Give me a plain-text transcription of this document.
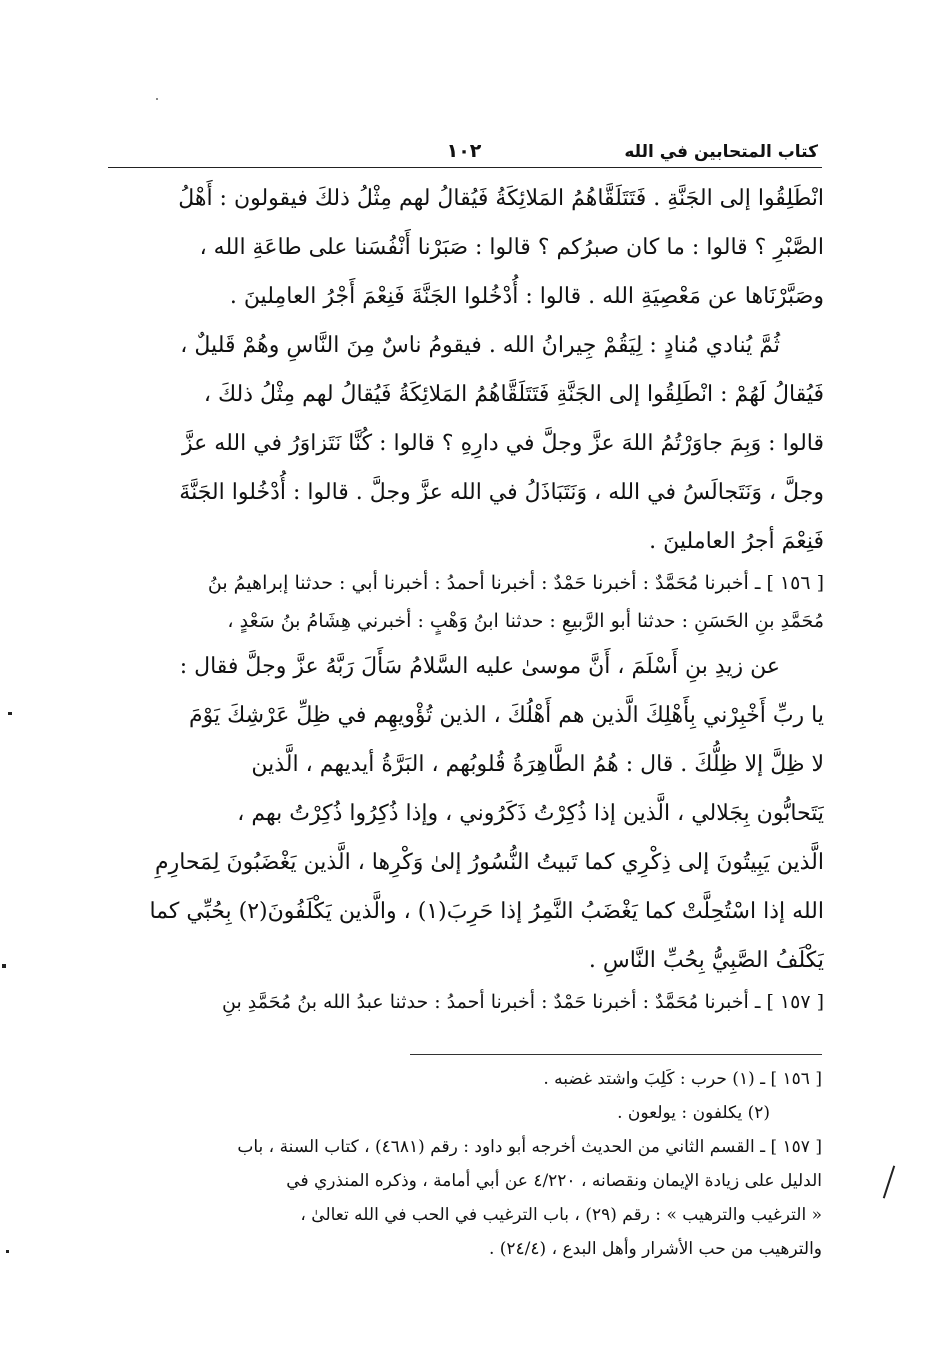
كتاب المتحابين في الله
١٠٢
انْطَلِقُوا إلى الجَنَّةِ . فَتَتَلَقَّاهُمُ المَلائِكَةُ فَيُقالُ لهم مِثْلُ ذلكَ فيقولون : أَهْلُ
الصَّبْرِ ؟ قالوا : ما كان صبرُكم ؟ قالوا : صَبَرْنا أَنْفُسَنا على طاعَةِ الله ،
وصَبَّرْنَاها عن مَعْصِيَةِ الله . قالوا : أُدْخُلوا الجَنَّةَ فَنِعْمَ أَجْرُ العامِلينَ .
ثُمَّ يُنادي مُنادٍ : لِيَقُمْ جِيرانُ الله . فيقومُ ناسٌ مِنَ النَّاسِ وهُمْ قَليلٌ ،
فَيُقالُ لَهُمْ : انْطَلِقُوا إلى الجَنَّةِ فَتَتَلَقَّاهُمُ المَلائِكَةُ فَيُقالُ لهم مِثْلُ ذلكَ ،
قالوا : وَبِمَ جاوَرْتُمُ اللهَ عزَّ وجلَّ في دارِهِ ؟ قالوا : كُنَّا نَتَزاوَرُ في الله عزَّ
وجلَّ ، وَنَتَجالَسُ في الله ، وَنَتَبَاذَلُ في الله عزَّ وجلَّ . قالوا : أُدْخُلوا الجَنَّةَ
فَنِعْمَ أجرُ العاملينَ .
[ ١٥٦ ] ـ أخبرنا مُحَمَّدٌ : أخبرنا حَمْدٌ : أخبرنا أحمدُ : أخبرنا أبي : حدثنا إبراهيمُ بنُ
مُحَمَّدِ بنِ الحَسَنِ : حدثنا أبو الرَّبيعِ : حدثنا ابنُ وَهْبٍ : أخبرني هِشَامُ بنُ سَعْدٍ ،
عن زيدِ بنِ أَسْلَمَ ، أَنَّ موسىٰ عليه السَّلامُ سَأَلَ رَبَّهُ عزَّ وجلَّ فقال :
يا ربِّ أَخْبِرْني بِأَهْلِكَ الَّذين هم أَهْلُكَ ، الذين تُؤْويهِم في ظِلِّ عَرْشِكَ يَوْمَ
لا ظِلَّ إلا ظِلُّكَ . قال : هُمُ الطَّاهِرَةُ قُلوبُهم ، البَرَّةُ أيديهم ، الَّذين
يَتَحابُّون بِجَلالي ، الَّذين إذا ذُكِرْتُ ذَكَرُوني ، وإذا ذُكِرُوا ذُكِرْتُ بهم ،
الَّذين يَبِيتُونَ إلى ذِكْرِي كما تَبيتُ النُّسُورُ إلىٰ وَكْرِها ، الَّذين يَغْضَبُونَ لِمَحارِمِ
الله إذا اسْتُحِلَّتْ كما يَغْضَبُ النَّمِرُ إذا حَرِبَ(١) ، والَّذين يَكْلَفُونَ(٢) بِحُبِّي كما
يَكْلَفُ الصَّبِيُّ بِحُبِّ النَّاسِ .
[ ١٥٧ ] ـ أخبرنا مُحَمَّدٌ : أخبرنا حَمْدٌ : أخبرنا أحمدُ : حدثنا عبدُ الله بنُ مُحَمَّدِ بنِ
[ ١٥٦ ] ـ (١) حرب : كَلِبَ واشتد غضبه .
(٢) يكلفون : يولعون .
[ ١٥٧ ] ـ القسم الثاني من الحديث أخرجه أبو داود : رقم (٤٦٨١) ، كتاب السنة ، باب
الدليل على زيادة الإيمان ونقصانه ، ٤/٢٢٠ عن أبي أمامة ، وذكره المنذري في
« الترغيب والترهيب » : رقم (٢٩) ، باب الترغيب في الحب في الله تعالىٰ ،
والترهيب من حب الأشرار وأهل البدع ، (٢٤/٤) .
